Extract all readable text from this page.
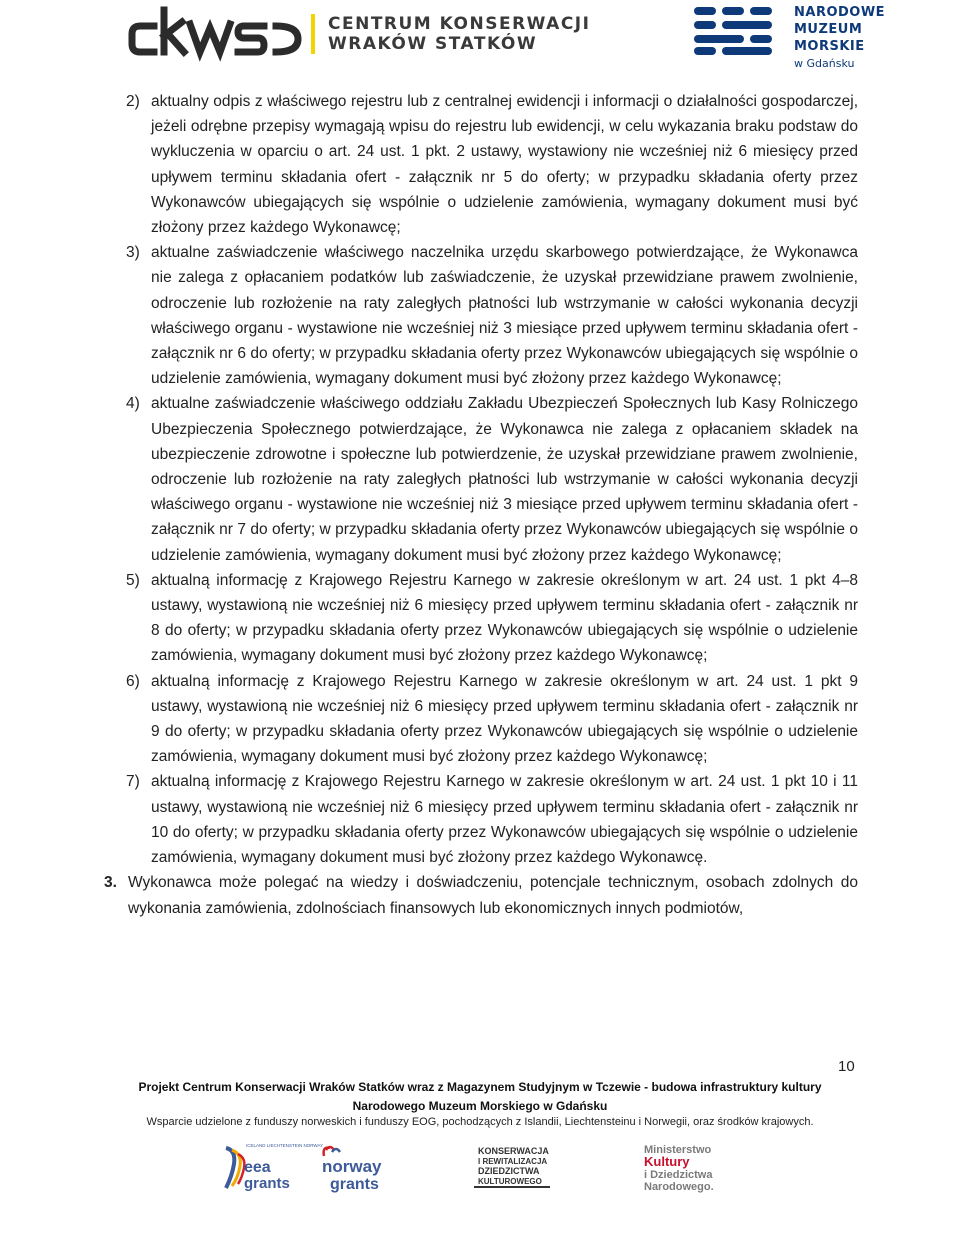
CENTRUM KONSERWACJI
WRAKÓW STATKÓW
NARODOWE
MUZEUM
MORSKIE
w Gdańsku

2) aktualny odpis z właściwego rejestru lub z centralnej ewidencji i informacji o działalności gospodarczej, jeżeli odrębne przepisy wymagają wpisu do rejestru lub ewidencji, w celu wykazania braku podstaw do wykluczenia w oparciu o art. 24 ust. 1 pkt. 2 ustawy, wystawiony nie wcześniej niż 6 miesięcy przed upływem terminu składania ofert - załącznik nr 5 do oferty; w przypadku składania oferty przez Wykonawców ubiegających się wspólnie o udzielenie zamówienia, wymagany dokument musi być złożony przez każdego Wykonawcę;

3) aktualne zaświadczenie właściwego naczelnika urzędu skarbowego potwierdzające, że Wykonawca nie zalega z opłacaniem podatków lub zaświadczenie, że uzyskał przewidziane prawem zwolnienie, odroczenie lub rozłożenie na raty zaległych płatności lub wstrzymanie w całości wykonania decyzji właściwego organu - wystawione nie wcześniej niż 3 miesiące przed upływem terminu składania ofert - załącznik nr 6 do oferty; w przypadku składania oferty przez Wykonawców ubiegających się wspólnie o udzielenie zamówienia, wymagany dokument musi być złożony przez każdego Wykonawcę;

4) aktualne zaświadczenie właściwego oddziału Zakładu Ubezpieczeń Społecznych lub Kasy Rolniczego Ubezpieczenia Społecznego potwierdzające, że Wykonawca nie zalega z opłacaniem składek na ubezpieczenie zdrowotne i społeczne lub potwierdzenie, że uzyskał przewidziane prawem zwolnienie, odroczenie lub rozłożenie na raty zaległych płatności lub wstrzymanie w całości wykonania decyzji właściwego organu - wystawione nie wcześniej niż 3 miesiące przed upływem terminu składania ofert - załącznik nr 7 do oferty; w przypadku składania oferty przez Wykonawców ubiegających się wspólnie o udzielenie zamówienia, wymagany dokument musi być złożony przez każdego Wykonawcę;

5) aktualną informację z Krajowego Rejestru Karnego w zakresie określonym w art. 24 ust. 1 pkt 4–8 ustawy, wystawioną nie wcześniej niż 6 miesięcy przed upływem terminu składania ofert - załącznik nr 8 do oferty; w przypadku składania oferty przez Wykonawców ubiegających się wspólnie o udzielenie zamówienia, wymagany dokument musi być złożony przez każdego Wykonawcę;

6) aktualną informację z Krajowego Rejestru Karnego w zakresie określonym w art. 24 ust. 1 pkt 9 ustawy, wystawioną nie wcześniej niż 6 miesięcy przed upływem terminu składania ofert - załącznik nr 9 do oferty; w przypadku składania oferty przez Wykonawców ubiegających się wspólnie o udzielenie zamówienia, wymagany dokument musi być złożony przez każdego Wykonawcę;

7) aktualną informację z Krajowego Rejestru Karnego w zakresie określonym w art. 24 ust. 1 pkt 10 i 11 ustawy, wystawioną nie wcześniej niż 6 miesięcy przed upływem terminu składania ofert - załącznik nr 10 do oferty; w przypadku składania oferty przez Wykonawców ubiegających się wspólnie o udzielenie zamówienia, wymagany dokument musi być złożony przez każdego Wykonawcę.

3. Wykonawca może polegać na wiedzy i doświadczeniu, potencjale technicznym, osobach zdolnych do wykonania zamówienia, zdolnościach finansowych lub ekonomicznych innych podmiotów,

10
Projekt Centrum Konserwacji Wraków Statków wraz z Magazynem Studyjnym w Tczewie - budowa infrastruktury kultury
Narodowego Muzeum Morskiego w Gdańsku
Wsparcie udzielone z funduszy norweskich i funduszy EOG, pochodzących z Islandii, Liechtensteinu i Norwegii, oraz środków krajowych.
ICELAND LIECHTENSTEIN NORWAY
eea
grants
norway
grants
KONSERWACJA
I REWITALIZACJA
DZIEDZICTWA
KULTUROWEGO
Ministerstwo
Kultury
i Dziedzictwa
Narodowego.
